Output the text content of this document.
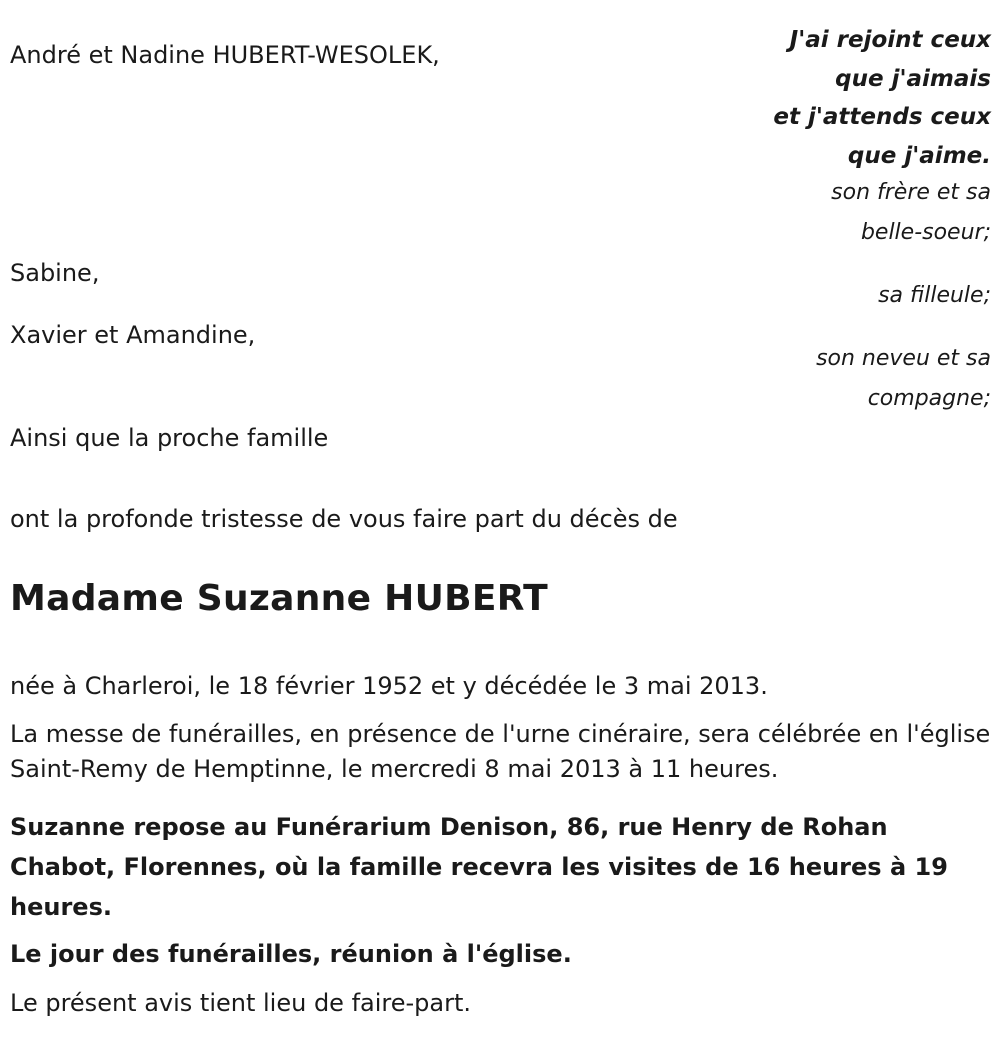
J'ai rejoint ceux
que j'aimais
et j'attends ceux
que j'aime.
André et Nadine HUBERT-WESOLEK,
Sabine,
Xavier et Amandine,
Ainsi que la proche famille
son frère et sa
belle-soeur;
sa filleule;
son neveu et sa
compagne;
ont la profonde tristesse de vous faire part du décès de
Madame Suzanne HUBERT
née à Charleroi, le 18 février 1952 et y décédée le 3 mai 2013.
La messe de funérailles, en présence de l'urne cinéraire, sera célébrée en l'église Saint-Remy de Hemptinne, le mercredi 8 mai 2013 à 11 heures.
Suzanne repose au Funérarium Denison, 86, rue Henry de Rohan Chabot, Florennes, où la famille recevra les visites de 16 heures à 19 heures.
Le jour des funérailles, réunion à l'église.
Le présent avis tient lieu de faire-part.
